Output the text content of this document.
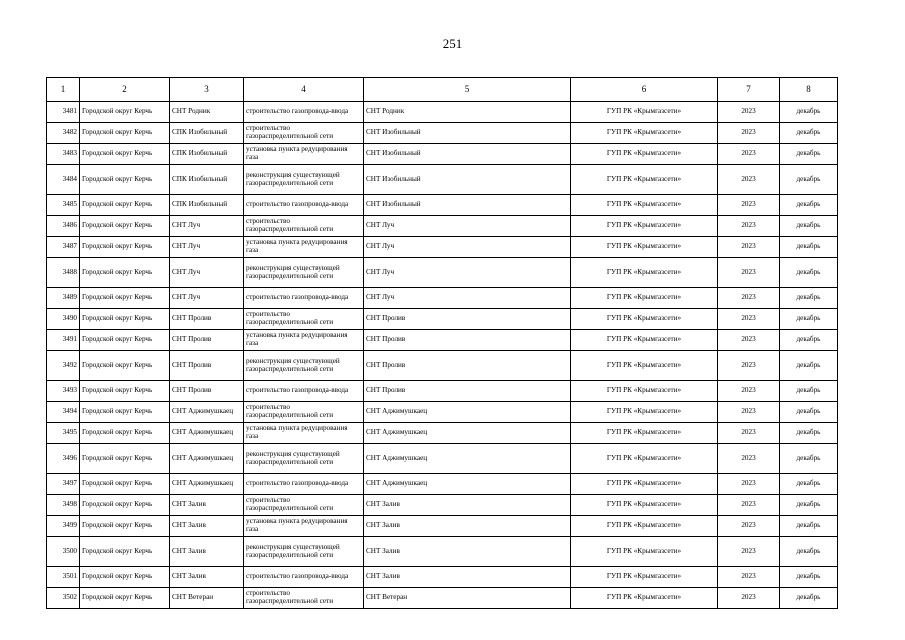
251
1	2	3	4	5	6	7	8
3481	Городской округ Керчь	СНТ Родник	строительство газопровода-ввода	СНТ Родник	ГУП РК «Крымгазсети»	2023	декабрь
3482	Городской округ Керчь	СПК Изобильный	строительство газораспределительной сети	СНТ Изобильный	ГУП РК «Крымгазсети»	2023	декабрь
3483	Городской округ Керчь	СПК Изобильный	установка пункта редуцирования газа	СНТ Изобильный	ГУП РК «Крымгазсети»	2023	декабрь
3484	Городской округ Керчь	СПК Изобильный	реконструкция существующей газораспределительной сети	СНТ Изобильный	ГУП РК «Крымгазсети»	2023	декабрь
3485	Городской округ Керчь	СПК Изобильный	строительство газопровода-ввода	СНТ Изобильный	ГУП РК «Крымгазсети»	2023	декабрь
3486	Городской округ Керчь	СНТ Луч	строительство газораспределительной сети	СНТ Луч	ГУП РК «Крымгазсети»	2023	декабрь
3487	Городской округ Керчь	СНТ Луч	установка пункта редуцирования газа	СНТ Луч	ГУП РК «Крымгазсети»	2023	декабрь
3488	Городской округ Керчь	СНТ Луч	реконструкция существующей газораспределительной сети	СНТ Луч	ГУП РК «Крымгазсети»	2023	декабрь
3489	Городской округ Керчь	СНТ Луч	строительство газопровода-ввода	СНТ Луч	ГУП РК «Крымгазсети»	2023	декабрь
3490	Городской округ Керчь	СНТ Пролив	строительство газораспределительной сети	СНТ Пролив	ГУП РК «Крымгазсети»	2023	декабрь
3491	Городской округ Керчь	СНТ Пролив	установка пункта редуцирования газа	СНТ Пролив	ГУП РК «Крымгазсети»	2023	декабрь
3492	Городской округ Керчь	СНТ Пролив	реконструкция существующей газораспределительной сети	СНТ Пролив	ГУП РК «Крымгазсети»	2023	декабрь
3493	Городской округ Керчь	СНТ Пролив	строительство газопровода-ввода	СНТ Пролив	ГУП РК «Крымгазсети»	2023	декабрь
3494	Городской округ Керчь	СНТ Аджимушкаец	строительство газораспределительной сети	СНТ Аджимушкаец	ГУП РК «Крымгазсети»	2023	декабрь
3495	Городской округ Керчь	СНТ Аджимушкаец	установка пункта редуцирования газа	СНТ Аджимушкаец	ГУП РК «Крымгазсети»	2023	декабрь
3496	Городской округ Керчь	СНТ Аджимушкаец	реконструкция существующей газораспределительной сети	СНТ Аджимушкаец	ГУП РК «Крымгазсети»	2023	декабрь
3497	Городской округ Керчь	СНТ Аджимушкаец	строительство газопровода-ввода	СНТ Аджимушкаец	ГУП РК «Крымгазсети»	2023	декабрь
3498	Городской округ Керчь	СНТ Залив	строительство газораспределительной сети	СНТ Залив	ГУП РК «Крымгазсети»	2023	декабрь
3499	Городской округ Керчь	СНТ Залив	установка пункта редуцирования газа	СНТ Залив	ГУП РК «Крымгазсети»	2023	декабрь
3500	Городской округ Керчь	СНТ Залив	реконструкция существующей газораспределительной сети	СНТ Залив	ГУП РК «Крымгазсети»	2023	декабрь
3501	Городской округ Керчь	СНТ Залив	строительство газопровода-ввода	СНТ Залив	ГУП РК «Крымгазсети»	2023	декабрь
3502	Городской округ Керчь	СНТ Ветеран	строительство газораспределительной сети	СНТ Ветеран	ГУП РК «Крымгазсети»	2023	декабрь
